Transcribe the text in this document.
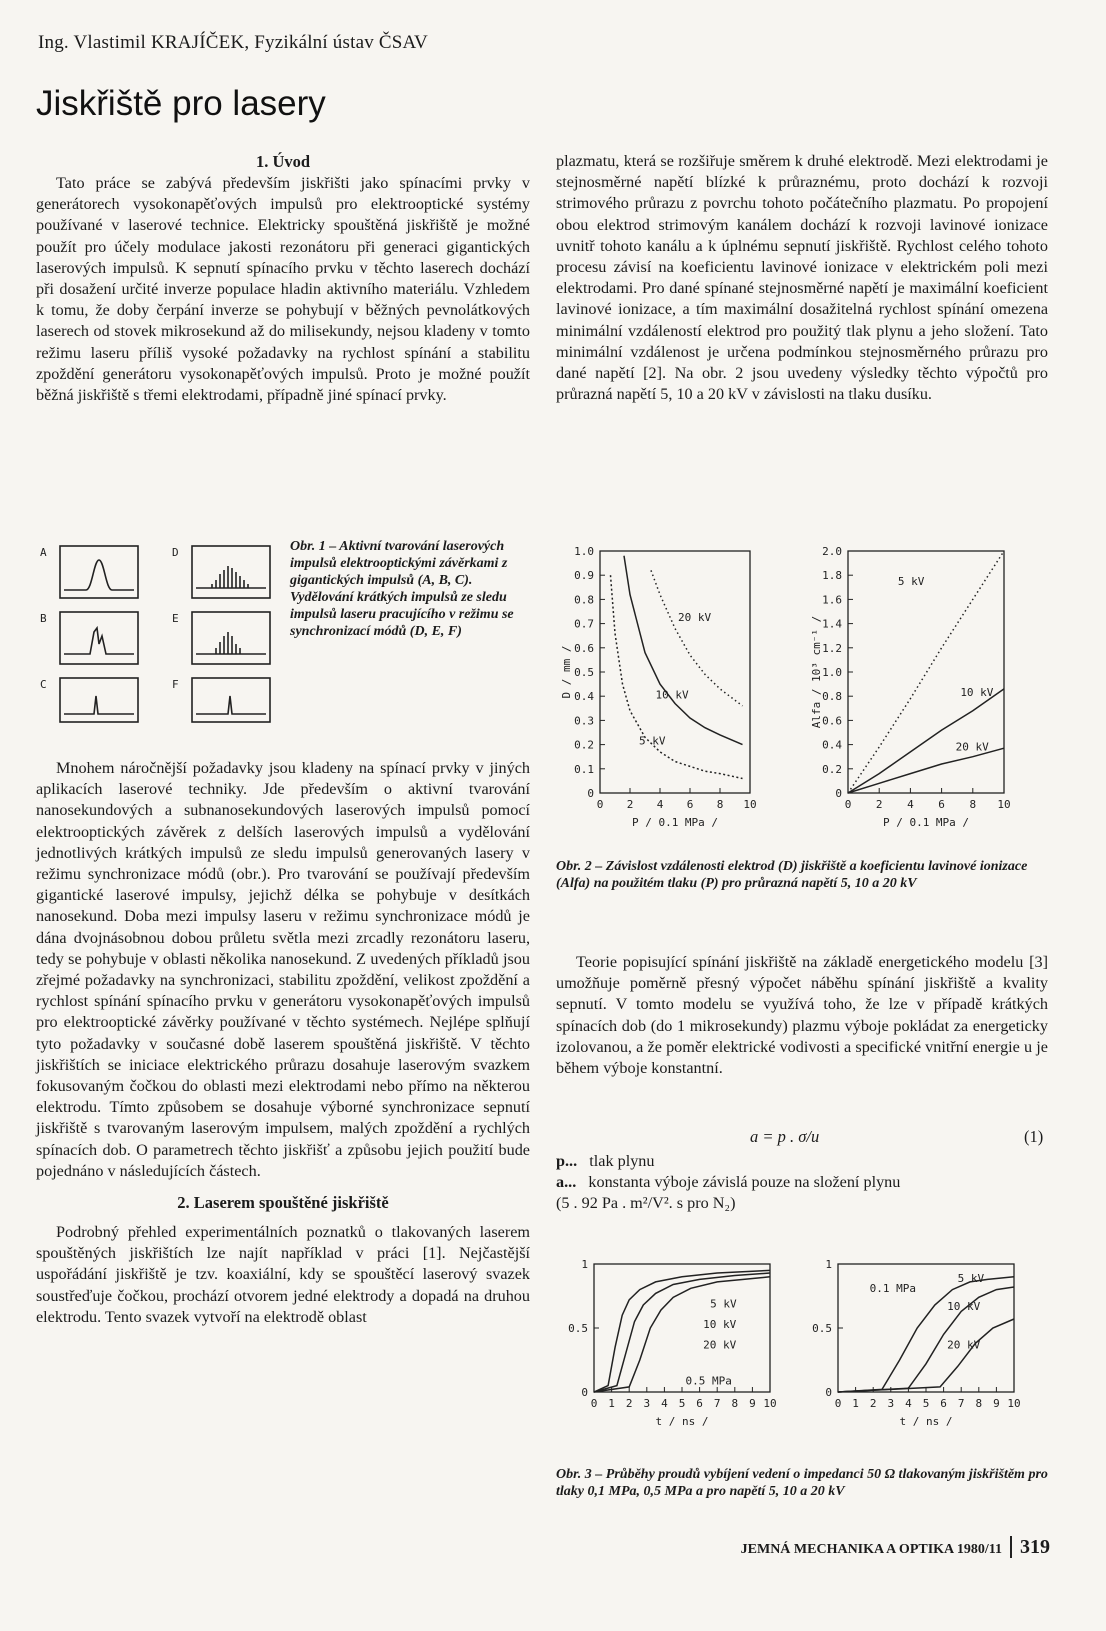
Ing. Vlastimil KRAJÍČEK, Fyzikální ústav ČSAV
Jiskřiště pro lasery
1. Úvod

Tato práce se zabývá především jiskřišti jako spínacími prvky v generátorech vysokonapěťových impulsů pro elektrooptické systémy používané v laserové technice. Elektricky spouštěná jiskřiště je možné použít pro účely modulace jakosti rezonátoru při generaci gigantických laserových impulsů. K sepnutí spínacího prvku v těchto laserech dochází při dosažení určité inverze populace hladin aktivního materiálu. Vzhledem k tomu, že doby čerpání inverze se pohybují v běžných pevnolátkových laserech od stovek mikrosekund až do milisekundy, nejsou kladeny v tomto režimu laseru příliš vysoké požadavky na rychlost spínání a stabilitu zpoždění generátoru vysokonapěťových impulsů. Proto je možné použít běžná jiskřiště s třemi elektrodami, případně jiné spínací prvky.

A
B
C
D
E
F
Obr. 1 – Aktivní tvarování laserových impulsů elektrooptickými závěrkami z gigantických impulsů (A, B, C). Vydělování krátkých impulsů ze sledu impulsů laseru pracujícího v režimu se synchronizací módů (D, E, F)

Mnohem náročnější požadavky jsou kladeny na spínací prvky v jiných aplikacích laserové techniky. Jde především o aktivní tvarování nanosekundových a subnanosekundových laserových impulsů pomocí elektrooptických závěrek z delších laserových impulsů a vydělování jednotlivých krátkých impulsů ze sledu impulsů generovaných lasery v režimu synchronizace módů (obr.). Pro tvarování se používají především gigantické laserové impulsy, jejichž délka se pohybuje v desítkách nanosekund. Doba mezi impulsy laseru v režimu synchronizace módů je dána dvojnásobnou dobou průletu světla mezi zrcadly rezonátoru laseru, tedy se pohybuje v oblasti několika nanosekund. Z uvedených příkladů jsou zřejmé požadavky na synchronizaci, stabilitu zpoždění, velikost zpoždění a rychlost spínání spínacího prvku v generátoru vysokonapěťových impulsů pro elektrooptické závěrky používané v těchto systémech. Nejlépe splňují tyto požadavky v současné době laserem spouštěná jiskřiště. V těchto jiskřištích se iniciace elektrického průrazu dosahuje laserovým svazkem fokusovaným čočkou do oblasti mezi elektrodami nebo přímo na některou elektrodu. Tímto způsobem se dosahuje výborné synchronizace sepnutí jiskřiště s tvarovaným laserovým impulsem, malých zpoždění a rychlých spínacích dob. O parametrech těchto jiskřišť a způsobu jejich použití bude pojednáno v následujících částech.

2. Laserem spouštěné jiskřiště

Podrobný přehled experimentálních poznatků o tlakovaných laserem spouštěných jiskřištích lze najít například v práci [1]. Nejčastější uspořádání jiskřiště je tzv. koaxiální, kdy se spouštěcí laserový svazek soustřeďuje čočkou, prochází otvorem jedné elektrody a dopadá na druhou elektrodu. Tento svazek vytvoří na elektrodě oblast

plazmatu, která se rozšiřuje směrem k druhé elektrodě. Mezi elektrodami je stejnosměrné napětí blízké k průraznému, proto dochází k rozvoji strimového průrazu z povrchu tohoto počátečního plazmatu. Po propojení obou elektrod strimovým kanálem dochází k rozvoji lavinové ionizace uvnitř tohoto kanálu a k úplnému sepnutí jiskřiště. Rychlost celého tohoto procesu závisí na koeficientu lavinové ionizace v elektrickém poli mezi elektrodami. Pro dané spínané stejnosměrné napětí je maximální koeficient lavinové ionizace, a tím maximální dosažitelná rychlost spínání omezena minimální vzdáleností elektrod pro použitý tlak plynu a jeho složení. Tato minimální vzdálenost je určena podmínkou stejnosměrného průrazu pro dané napětí [2]. Na obr. 2 jsou uvedeny výsledky těchto výpočtů pro průrazná napětí 5, 10 a 20 kV v závislosti na tlaku dusíku.

0
0.1
0.2
0.3
0.4
0.5
0.6
0.7
0.8
0.9
1.0
0 2 4 6 8 10
P / 0.1 MPa /
D / mm /
20 kV
10 kV
5 kV
0
0.2
0.4
0.6
0.8
1.0
1.2
1.4
1.6
1.8
2.0
0 2 4 6 8 10
P / 0.1 MPa /
Alfa / 10³ cm⁻¹ /
5 kV
10 kV
20 kV
Obr. 2 – Závislost vzdálenosti elektrod (D) jiskřiště a koeficientu lavinové ionizace (Alfa) na použitém tlaku (P) pro průrazná napětí 5, 10 a 20 kV

Teorie popisující spínání jiskřiště na základě energetického modelu [3] umožňuje poměrně přesný výpočet náběhu spínání jiskřiště a kvality sepnutí. V tomto modelu se využívá toho, že lze v případě krátkých spínacích dob (do 1 mikrosekundy) plazmu výboje pokládat za energeticky izolovanou, a že poměr elektrické vodivosti a specifické vnitřní energie u je během výboje konstantní.

a = p . σ/u	(1)
p... tlak plynu
a... konstanta výboje závislá pouze na složení plynu
(5 . 92 Pa . m²/V². s pro N₂)
0
0.5
1
0 1 2 3 4 5 6 7 8 9 10
t / ns /
5 kV
10 kV
20 kV
0.5 MPa
0
0.5
1
0 1 2 3 4 5 6 7 8 9 10
t / ns /
5 kV
10 kV
20 kV
0.1 MPa
Obr. 3 – Průběhy proudů vybíjení vedení o impedanci 50 Ω tlakovaným jiskřištěm pro tlaky 0,1 MPa, 0,5 MPa a pro napětí 5, 10 a 20 kV
JEMNÁ MECHANIKA A OPTIKA 1980/11 319
